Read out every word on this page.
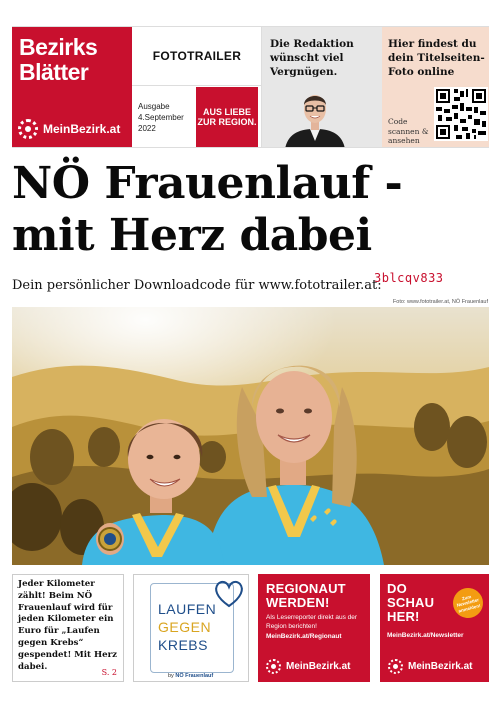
Bezirks Blätter
MeinBezirk.at
FOTOTRAILER
Ausgabe
4.September 2022
AUS LIEBE ZUR REGION.
Die Redaktion wünscht viel Vergnügen.
Hier findest du dein Titelseiten-Foto online
Code scannen & ansehen
NÖ Frauenlauf - mit Herz dabei
Dein persönlicher Downloadcode für www.fototrailer.at:
3blcqv833
Foto: www.fototrailer.at, NÖ Frauenlauf
Jeder Kilometer zählt! Beim NÖ Frauenlauf wird für jeden Kilometer ein Euro für „Laufen gegen Krebs“ gespendet! Mit Herz dabei.
S. 2
LAUFEN
GEGEN
KREBS
by NÖ Frauenlauf
REGIONAUT WERDEN!
Als Leserreporter direkt aus der Region berichten!
MeinBezirk.at/Regionaut
MeinBezirk.at
DO SCHAU HER!
Zum Newsletter anmelden!
MeinBezirk.at/Newsletter
MeinBezirk.at
